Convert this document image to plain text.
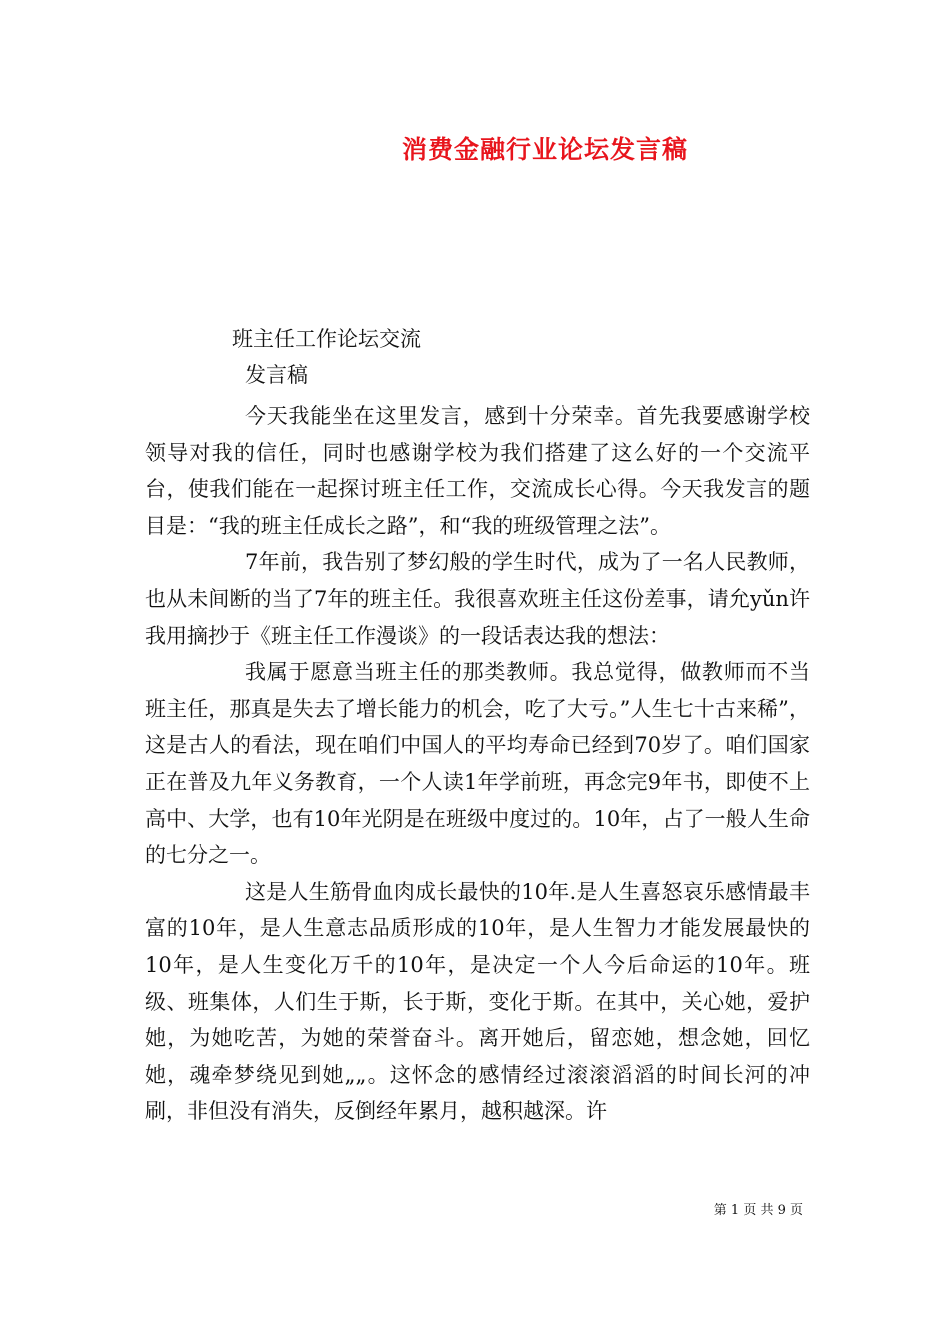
消费金融行业论坛发言稿
班主任工作论坛交流
发言稿

今天我能坐在这里发言，感到十分荣幸。首先我要感谢学校领导对我的信任，同时也感谢学校为我们搭建了这么好的一个交流平台，使我们能在一起探讨班主任工作，交流成长心得。今天我发言的题目是：“我的班主任成长之路”，和“我的班级管理之法”。

7年前，我告别了梦幻般的学生时代，成为了一名人民教师，也从未间断的当了7年的班主任。我很喜欢班主任这份差事，请允yǔn许我用摘抄于《班主任工作漫谈》的一段话表达我的想法：

我属于愿意当班主任的那类教师。我总觉得，做教师而不当班主任，那真是失去了增长能力的机会，吃了大亏。”人生七十古来稀”，这是古人的看法，现在咱们中国人的平均寿命已经到70岁了。咱们国家正在普及九年义务教育，一个人读1年学前班，再念完9年书，即使不上高中、大学，也有10年光阴是在班级中度过的。10年，占了一般人生命的七分之一。

这是人生筋骨血肉成长最快的10年.是人生喜怒哀乐感情最丰富的10年，是人生意志品质形成的10年，是人生智力才能发展最快的10年，是人生变化万千的10年，是决定一个人今后命运的10年。班级、班集体，人们生于斯，长于斯，变化于斯。在其中，关心她，爱护她，为她吃苦，为她的荣誉奋斗。离开她后，留恋她，想念她，回忆她，魂牵梦绕见到她„„。这怀念的感情经过滚滚滔滔的时间长河的冲刷，非但没有消失，反倒经年累月，越积越深。许

第 1 页 共 9 页
